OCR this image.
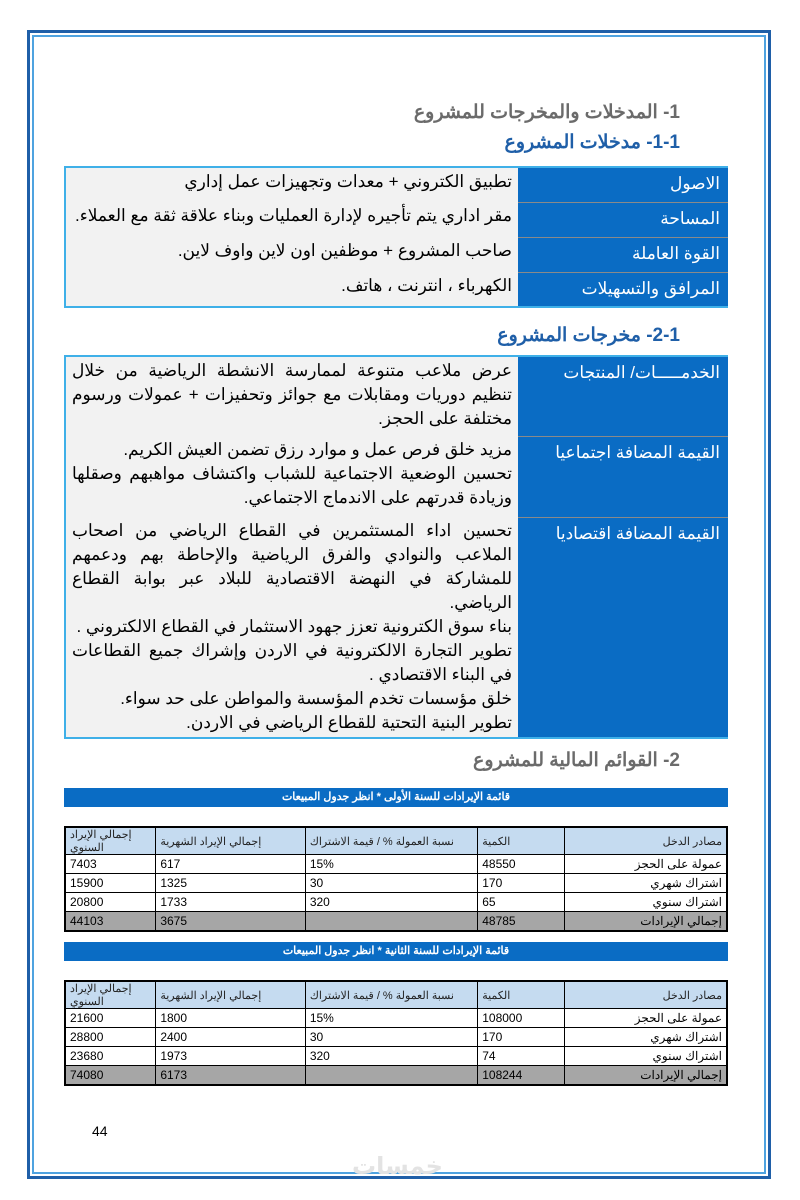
1- المدخلات والمخرجات للمشروع
1-1- مدخلات المشروع
الاصول	تطبيق الكتروني + معدات وتجهيزات عمل إداري
المساحة	مقر اداري يتم تأجيره لإدارة العمليات وبناء علاقة ثقة مع العملاء.
القوة العاملة	صاحب المشروع + موظفين اون لاين واوف لاين.
المرافق والتسهيلات	الكهرباء ، انترنت ، هاتف.
2-1- مخرجات المشروع
الخدمـــــات/ المنتجات	عرض ملاعب متنوعة لممارسة الانشطة الرياضية من خلال تنظيم دوريات ومقابلات مع جوائز وتحفيزات + عمولات ورسوم مختلفة على الحجز.

القيمة المضافة اجتماعيا	مزيد خلق فرص عمل و موارد رزق تضمن العيش الكريم.
تحسين الوضعية الاجتماعية للشباب واكتشاف مواهبهم وصقلها وزيادة قدرتهم على الاندماج الاجتماعي.

القيمة المضافة اقتصاديا	تحسين اداء المستثمرين في القطاع الرياضي من اصحاب الملاعب والنوادي والفرق الرياضية والإحاطة بهم ودعمهم للمشاركة في النهضة الاقتصادية للبلاد عبر بوابة القطاع الرياضي.
بناء سوق الكترونية تعزز جهود الاستثمار في القطاع الالكتروني .
تطوير التجارة الالكترونية في الاردن وإشراك جميع القطاعات في البناء الاقتصادي .
خلق مؤسسات تخدم المؤسسة والمواطن على حد سواء.
تطوير البنية التحتية للقطاع الرياضي في الاردن.
2- القوائم المالية للمشروع
قائمة الإيرادات للسنة الأولى * انظر جدول المبيعات
مصادر الدخل	الكمية	نسبة العمولة % / قيمة الاشتراك	إجمالي الإيراد الشهرية	إجمالي الإيراد السنوي
عمولة على الحجز	48550	15%	617	7403
اشتراك شهري	170	30	1325	15900
اشتراك سنوي	65	320	1733	20800
إجمالي الإيرادات	48785		3675	44103
قائمة الإيرادات للسنة الثانية * انظر جدول المبيعات
مصادر الدخل	الكمية	نسبة العمولة % / قيمة الاشتراك	إجمالي الإيراد الشهرية	إجمالي الإيراد السنوي
عمولة على الحجز	108000	15%	1800	21600
اشتراك شهري	170	30	2400	28800
اشتراك سنوي	74	320	1973	23680
إجمالي الإيرادات	108244		6173	74080
44
خمسات
